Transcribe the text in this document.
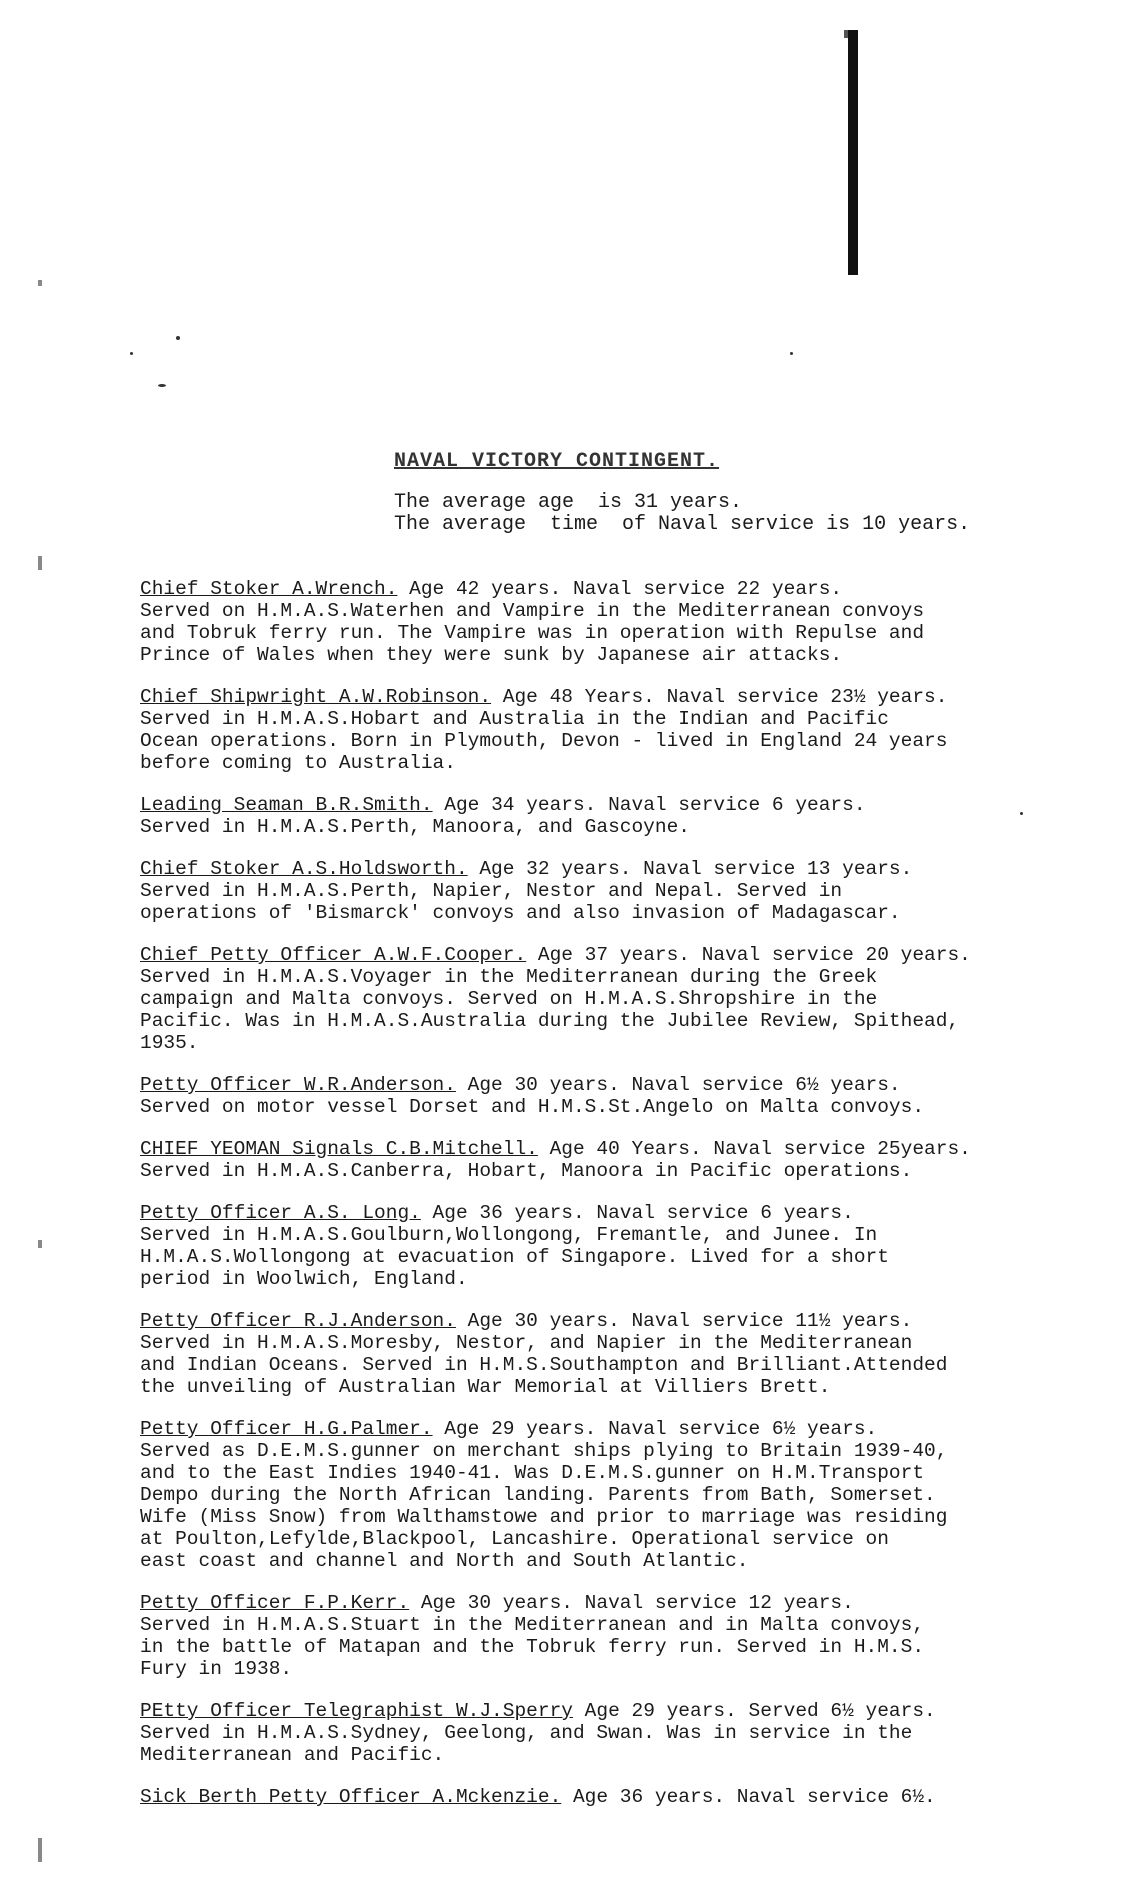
NAVAL VICTORY CONTINGENT.
The average age  is 31 years.
The average  time  of Naval service is 10 years.
Chief Stoker A.Wrench. Age 42 years. Naval service 22 years.
Served on H.M.A.S.Waterhen and Vampire in the Mediterranean convoys
and Tobruk ferry run. The Vampire was in operation with Repulse and
Prince of Wales when they were sunk by Japanese air attacks.
Chief Shipwright A.W.Robinson. Age 48 Years. Naval service 23½ years.
Served in H.M.A.S.Hobart and Australia in the Indian and Pacific
Ocean operations. Born in Plymouth, Devon - lived in England 24 years
before coming to Australia.
Leading Seaman B.R.Smith. Age 34 years. Naval service 6 years.
Served in H.M.A.S.Perth, Manoora, and Gascoyne.
Chief Stoker A.S.Holdsworth. Age 32 years. Naval service 13 years.
Served in H.M.A.S.Perth, Napier, Nestor and Nepal. Served in
operations of 'Bismarck' convoys and also invasion of Madagascar.
Chief Petty Officer A.W.F.Cooper. Age 37 years. Naval service 20 years.
Served in H.M.A.S.Voyager in the Mediterranean during the Greek
campaign and Malta convoys. Served on H.M.A.S.Shropshire in the
Pacific. Was in H.M.A.S.Australia during the Jubilee Review, Spithead,
1935.
Petty Officer W.R.Anderson. Age 30 years. Naval service 6½ years.
Served on motor vessel Dorset and H.M.S.St.Angelo on Malta convoys.
CHIEF YEOMAN Signals C.B.Mitchell. Age 40 Years. Naval service 25years.
Served in H.M.A.S.Canberra, Hobart, Manoora in Pacific operations.
Petty Officer A.S. Long. Age 36 years. Naval service 6 years.
Served in H.M.A.S.Goulburn,Wollongong, Fremantle, and Junee. In
H.M.A.S.Wollongong at evacuation of Singapore. Lived for a short
period in Woolwich, England.
Petty Officer R.J.Anderson. Age 30 years. Naval service 11½ years.
Served in H.M.A.S.Moresby, Nestor, and Napier in the Mediterranean
and Indian Oceans. Served in H.M.S.Southampton and Brilliant.Attended
the unveiling of Australian War Memorial at Villiers Brett.
Petty Officer H.G.Palmer. Age 29 years. Naval service 6½ years.
Served as D.E.M.S.gunner on merchant ships plying to Britain 1939-40,
and to the East Indies 1940-41. Was D.E.M.S.gunner on H.M.Transport
Dempo during the North African landing. Parents from Bath, Somerset.
Wife (Miss Snow) from Walthamstowe and prior to marriage was residing
at Poulton,Lefylde,Blackpool, Lancashire. Operational service on
east coast and channel and North and South Atlantic.
Petty Officer F.P.Kerr. Age 30 years. Naval service 12 years.
Served in H.M.A.S.Stuart in the Mediterranean and in Malta convoys,
in the battle of Matapan and the Tobruk ferry run. Served in H.M.S.
Fury in 1938.
PEtty Officer Telegraphist W.J.Sperry Age 29 years. Served 6½ years.
Served in H.M.A.S.Sydney, Geelong, and Swan. Was in service in the
Mediterranean and Pacific.
Sick Berth Petty Officer A.Mckenzie. Age 36 years. Naval service 6½.
